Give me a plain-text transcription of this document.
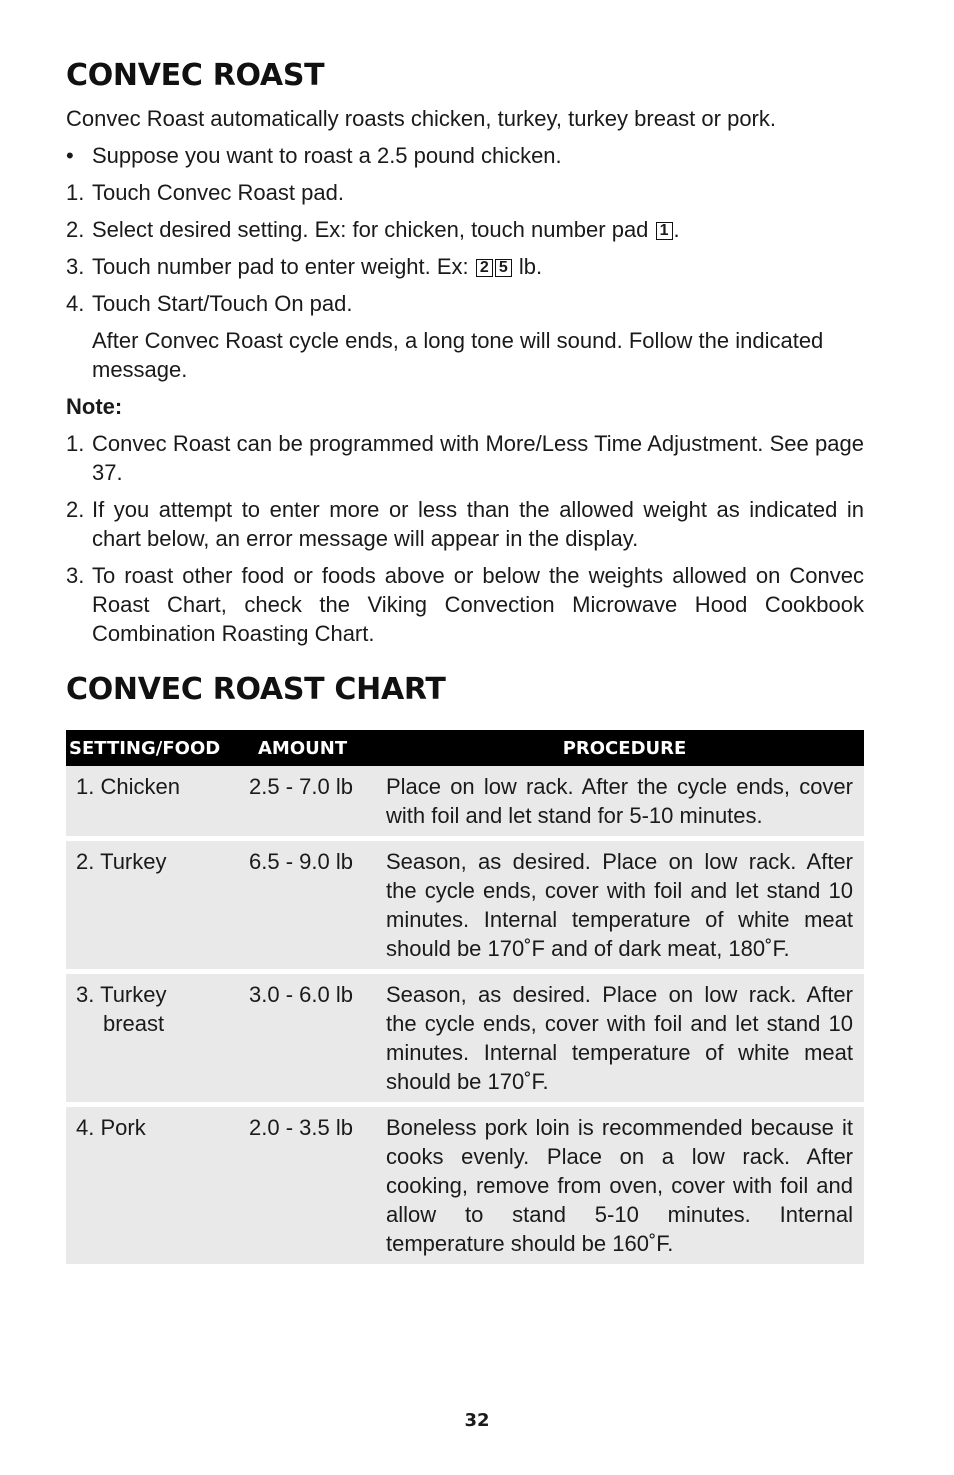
CONVEC ROAST

Convec Roast automatically roasts chicken, turkey, turkey breast or pork.

• Suppose you want to roast a 2.5 pound chicken.
1. Touch Convec Roast pad.
2. Select desired setting. Ex: for chicken, touch number pad 1 .
3. Touch number pad to enter weight. Ex: 2 5 lb.
4. Touch Start/Touch On pad.
After Convec Roast cycle ends, a long tone will sound. Follow the indicated message.
Note:
1. Convec Roast can be programmed with More/Less Time Adjustment. See page 37.
2. If you attempt to enter more or less than the allowed weight as indicated in chart below, an error message will appear in the display.
3. To roast other food or foods above or below the weights allowed on Convec Roast Chart, check the Viking Convection Microwave Hood Cookbook Combination Roasting Chart.
CONVEC ROAST CHART
SETTING/FOOD	AMOUNT	PROCEDURE
1. Chicken	2.5 - 7.0 lb	Place on low rack. After the cycle ends, cover with foil and let stand for 5-10 minutes.

2. Turkey	6.5 - 9.0 lb	Season, as desired. Place on low rack. After the cycle ends, cover with foil and let stand 10 minutes. Internal temperature of white meat should be 170˚F and of dark meat, 180˚F.

3. Turkey
breast	3.0 - 6.0 lb	Season, as desired. Place on low rack. After the cycle ends, cover with foil and let stand 10 minutes. Internal temperature of white meat should be 170˚F.

4. Pork	2.0 - 3.5 lb	Boneless pork loin is recommended because it cooks evenly. Place on a low rack. After cooking, remove from oven, cover with foil and allow to stand 5-10 minutes. Internal temperature should be 160˚F.
32
